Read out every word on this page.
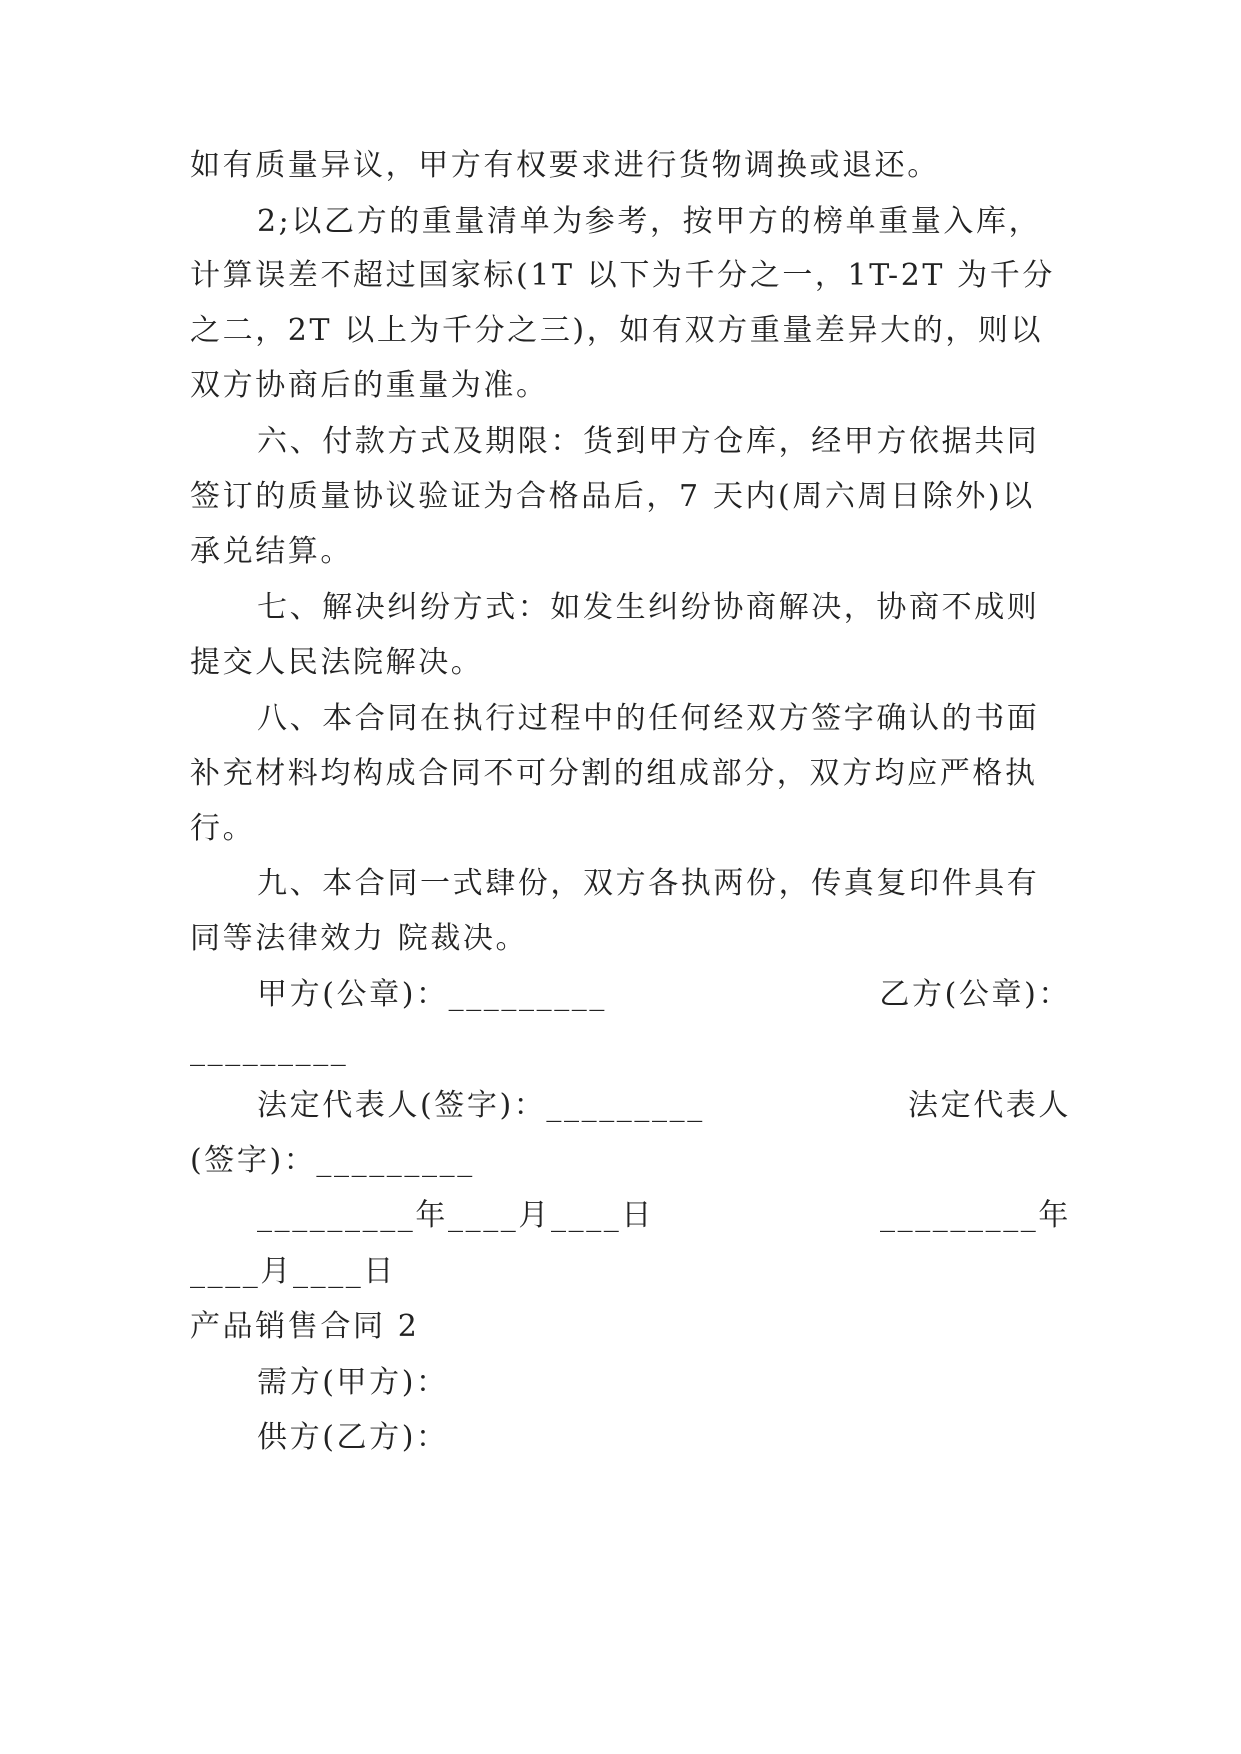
如有质量异议，甲方有权要求进行货物调换或退还。
2;以乙方的重量清单为参考，按甲方的榜单重量入库，
计算误差不超过国家标(1T 以下为千分之一，1T-2T 为千分
之二，2T 以上为千分之三)，如有双方重量差异大的，则以
双方协商后的重量为准。
六、付款方式及期限：货到甲方仓库，经甲方依据共同
签订的质量协议验证为合格品后，7 天内(周六周日除外)以
承兑结算。
七、解决纠纷方式：如发生纠纷协商解决，协商不成则
提交人民法院解决。
八、本合同在执行过程中的任何经双方签字确认的书面
补充材料均构成合同不可分割的组成部分，双方均应严格执
行。
九、本合同一式肆份，双方各执两份，传真复印件具有
同等法律效力 院裁决。
甲方(公章)：_________	乙方(公章)：
_________
法定代表人(签字)：_________	法定代表人
(签字)：_________
_________年____月____日	_________年
____月____日
产品销售合同 2
需方(甲方)：
供方(乙方)：
